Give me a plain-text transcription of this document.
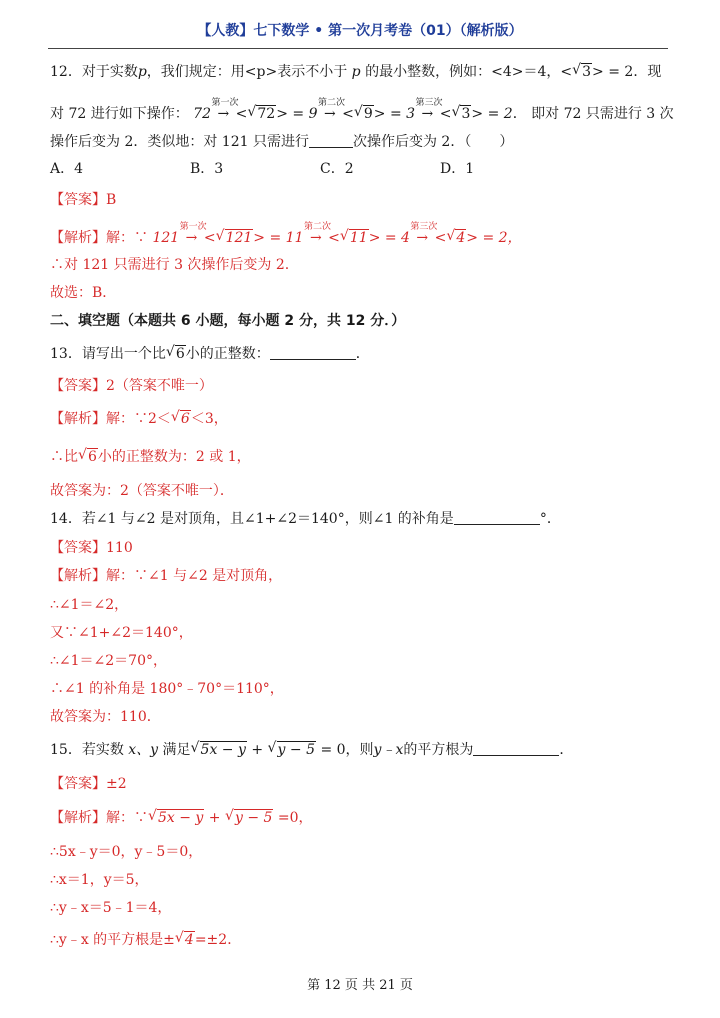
【人教】七下数学 • 第一次月考卷（01）（解析版）
12．对于实数p，我们规定：用<p>表示不小于 p 的最小整数，例如：<4>＝4，< √ 3> = 2．现
对 72 进行如下操作： 72
第一次
→ < √ 72> = 9
第二次
→ < √ 9> = 3
第三次
→ < √ 3> = 2． 即对 72 只需进行 3 次
操作后变为 2．类似地：对 121 只需进行	次操作后变为 2．（　　）
A．4	B．3	C．2	D．1
【答案】B
【解析】解：∵ 121
第一次
→ < √ 121> = 11
第二次
→ < √ 11> = 4
第三次
→ < √ 4> = 2，
∴对 121 只需进行 3 次操作后变为 2.
故选：B．
二、填空题（本题共 6 小题，每小题 2 分，共 12 分．）
13．请写出一个比 √ 6小的正整数：	．
【答案】2（答案不唯一）
【解析】解：∵2＜ √ 6＜3，
∴比 √ 6小的正整数为：2 或 1，
故答案为：2（答案不唯一）．
14．若∠1 与∠2 是对顶角，且∠1+∠2＝140°，则∠1 的补角是	°．
【答案】110
【解析】解：∵∠1 与∠2 是对顶角，
∴∠1＝∠2，
又∵∠1+∠2＝140°，
∴∠1＝∠2＝70°，
∴∠1 的补角是 180°﹣70°＝110°，
故答案为：110．
15．若实数 x、y 满足 √ 5x − y + √ y − 5 = 0，则y﹣x的平方根为	．
【答案】±2
【解析】解：∵ √ 5x − y + √ y − 5 =0，
∴5x﹣y＝0，y﹣5＝0，
∴x＝1，y＝5，
∴y﹣x＝5﹣1＝4，
∴y﹣x 的平方根是± √ 4=±2．
第 12 页 共 21 页
